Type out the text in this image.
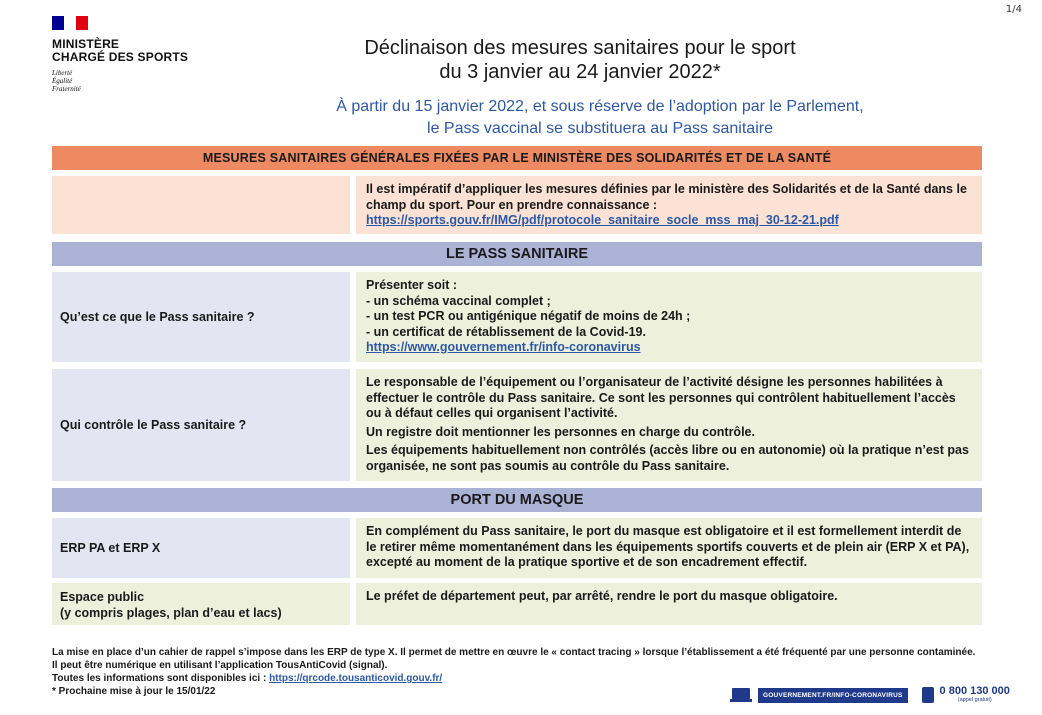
1/4
MINISTÈRE
CHARGÉ DES SPORTS
Liberté
Égalité
Fraternité
Déclinaison des mesures sanitaires pour le sport
du 3 janvier au 24 janvier 2022*
À partir du 15 janvier 2022, et sous réserve de l’adoption par le Parlement,
le Pass vaccinal se substituera au Pass sanitaire
MESURES SANITAIRES GÉNÉRALES FIXÉES PAR LE MINISTÈRE DES SOLIDARITÉS ET DE LA SANTÉ
Il est impératif d’appliquer les mesures définies par le ministère des Solidarités et de la Santé dans le champ du sport. Pour en prendre connaissance :
https://sports.gouv.fr/IMG/pdf/protocole_sanitaire_socle_mss_maj_30-12-21.pdf
LE PASS SANITAIRE
Qu’est ce que le Pass sanitaire ?
Présenter soit :
- un schéma vaccinal complet ;
- un test PCR ou antigénique négatif de moins de 24h ;
- un certificat de rétablissement de la Covid-19.
https://www.gouvernement.fr/info-coronavirus
Qui contrôle le Pass sanitaire ?
Le responsable de l’équipement ou l’organisateur de l’activité désigne les personnes habilitées à effectuer le contrôle du Pass sanitaire. Ce sont les personnes qui contrôlent habituellement l’accès ou à défaut celles qui organisent l’activité.
Un registre doit mentionner les personnes en charge du contrôle.
Les équipements habituellement non contrôlés (accès libre ou en autonomie) où la pratique n’est pas organisée, ne sont pas soumis au contrôle du Pass sanitaire.
PORT DU MASQUE
ERP PA et ERP X
En complément du Pass sanitaire, le port du masque est obligatoire et il est formellement interdit de le retirer même momentanément dans les équipements sportifs couverts et de plein air (ERP X et PA), excepté au moment de la pratique sportive et de son encadrement effectif.
Espace public
(y compris plages, plan d’eau et lacs)
Le préfet de département peut, par arrêté, rendre le port du masque obligatoire.
La mise en place d’un cahier de rappel s’impose dans les ERP de type X. Il permet de mettre en œuvre le « contact tracing » lorsque l’établissement a été fréquenté par une personne contaminée. Il peut être numérique en utilisant l’application TousAntiCovid (signal).
Toutes les informations sont disponibles ici : https://qrcode.tousanticovid.gouv.fr/
* Prochaine mise à jour le 15/01/22	GOUVERNEMENT.FR/INFO-CORONAVIRUS	0 800 130 000
(appel gratuit)
